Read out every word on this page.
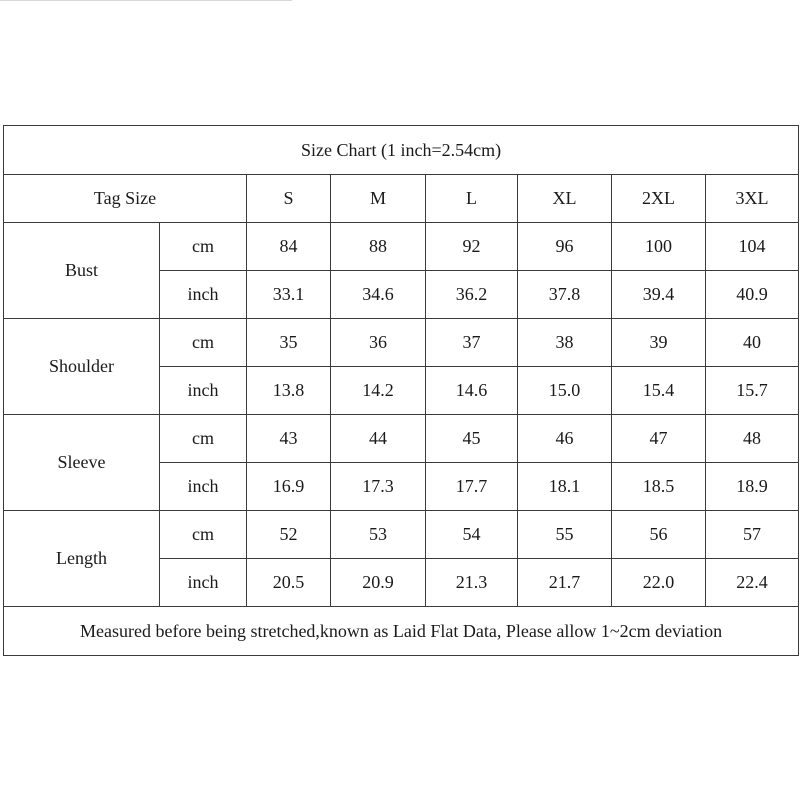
Size Chart (1 inch=2.54cm)							
Tag Size		S	M	L	XL	2XL	3XL
Bust	cm	84	88	92	96	100	104
	inch	33.1	34.6	36.2	37.8	39.4	40.9
Shoulder	cm	35	36	37	38	39	40
	inch	13.8	14.2	14.6	15.0	15.4	15.7
Sleeve	cm	43	44	45	46	47	48
	inch	16.9	17.3	17.7	18.1	18.5	18.9
Length	cm	52	53	54	55	56	57
	inch	20.5	20.9	21.3	21.7	22.0	22.4
Measured before being stretched,known as Laid Flat Data, Please allow 1~2cm deviation							
